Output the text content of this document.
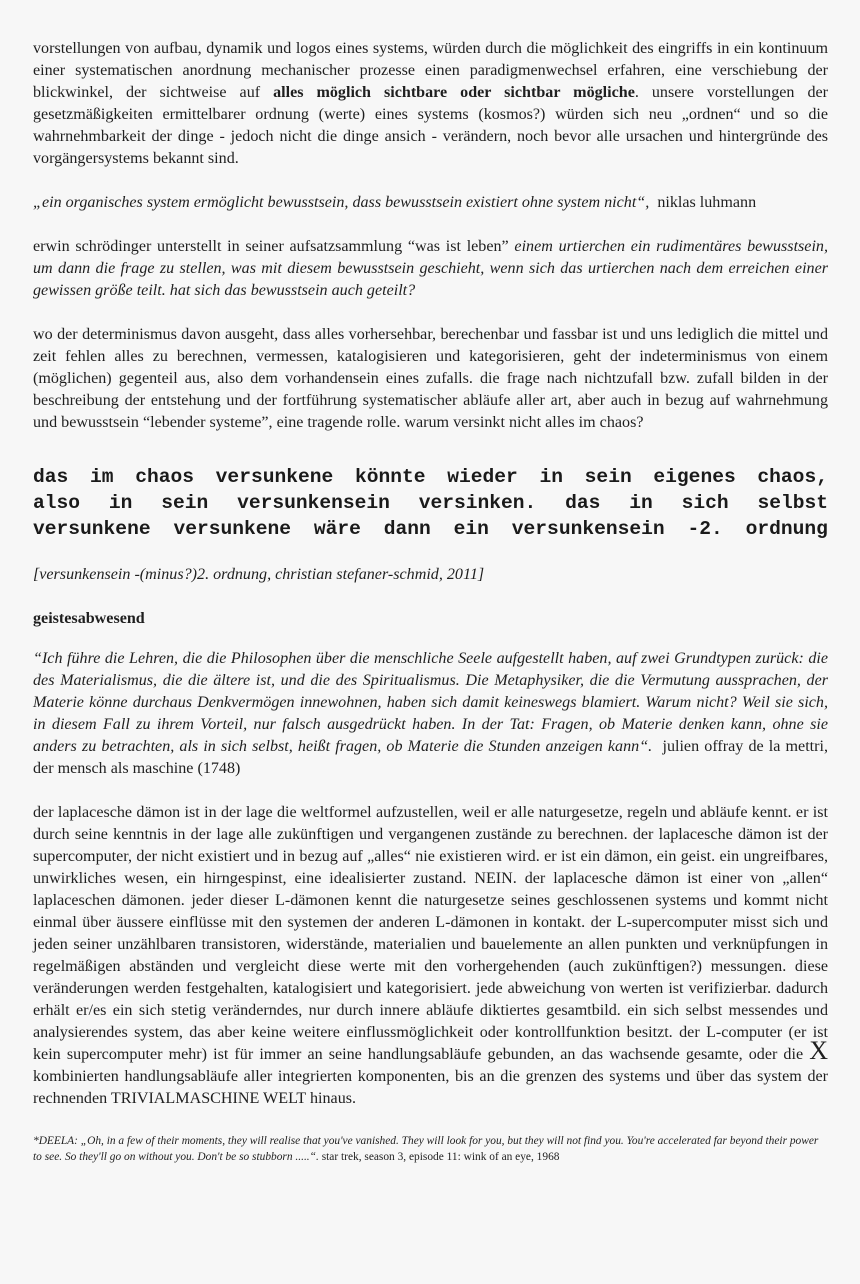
vorstellungen von aufbau, dynamik und logos eines systems, würden durch die möglichkeit des eingriffs in ein kontinuum einer systematischen anordnung mechanischer prozesse einen paradigmenwechsel erfahren, eine verschiebung der blickwinkel, der sichtweise auf alles möglich sichtbare oder sichtbar mögliche. unsere vorstellungen der gesetzmäßigkeiten ermittelbarer ordnung (werte) eines systems (kosmos?) würden sich neu „ordnen“ und so die wahrnehmbarkeit der dinge - jedoch nicht die dinge ansich - verändern, noch bevor alle ursachen und hintergründe des vorgängersystems bekannt sind.

„ein organisches system ermöglicht bewusstsein, dass bewusstsein existiert ohne system nicht“, niklas luhmann

erwin schrödinger unterstellt in seiner aufsatzsammlung “was ist leben” einem urtierchen ein rudimentäres bewusstsein, um dann die frage zu stellen, was mit diesem bewusstsein geschieht, wenn sich das urtierchen nach dem erreichen einer gewissen größe teilt. hat sich das bewusstsein auch geteilt?

wo der determinismus davon ausgeht, dass alles vorhersehbar, berechenbar und fassbar ist und uns lediglich die mittel und zeit fehlen alles zu berechnen, vermessen, katalogisieren und kategorisieren, geht der indeterminismus von einem (möglichen) gegenteil aus, also dem vorhandensein eines zufalls. die frage nach nichtzufall bzw. zufall bilden in der beschreibung der entstehung und der fortführung systematischer abläufe aller art, aber auch in bezug auf wahrnehmung und bewusstsein “lebender systeme”, eine tragende rolle. warum versinkt nicht alles im chaos?

das im chaos versunkene könnte wieder in sein eigenes chaos,
also in sein versunkensein versinken. das in sich selbst
versunkene versunkene wäre dann ein versunkensein -2. ordnung

[versunkensein -(minus?)2. ordnung, christian stefaner-schmid, 2011]

geistesabwesend

“Ich führe die Lehren, die die Philosophen über die menschliche Seele aufgestellt haben, auf zwei Grundtypen zurück: die des Materialismus, die die ältere ist, und die des Spiritualismus. Die Metaphysiker, die die Vermutung aussprachen, der Materie könne durchaus Denkvermögen innewohnen, haben sich damit keineswegs blamiert. Warum nicht? Weil sie sich, in diesem Fall zu ihrem Vorteil, nur falsch ausgedrückt haben. In der Tat: Fragen, ob Materie denken kann, ohne sie anders zu betrachten, als in sich selbst, heißt fragen, ob Materie die Stunden anzeigen kann“. julien offray de la mettri, der mensch als maschine (1748)

der laplacesche dämon ist in der lage die weltformel aufzustellen, weil er alle naturgesetze, regeln und abläufe kennt. er ist durch seine kenntnis in der lage alle zukünftigen und vergangenen zustände zu berechnen. der laplacesche dämon ist der supercomputer, der nicht existiert und in bezug auf „alles“ nie existieren wird. er ist ein dämon, ein geist. ein ungreifbares, unwirkliches wesen, ein hirngespinst, eine idealisierter zustand. NEIN. der laplacesche dämon ist einer von „allen“ laplaceschen dämonen. jeder dieser L-dämonen kennt die naturgesetze seines geschlossenen systems und kommt nicht einmal über äussere einflüsse mit den systemen der anderen L-dämonen in kontakt. der L-supercomputer misst sich und jeden seiner unzählbaren transistoren, widerstände, materialien und bauelemente an allen punkten und verknüpfungen in regelmäßigen abständen und vergleicht diese werte mit den vorhergehenden (auch zukünftigen?) messungen. diese veränderungen werden festgehalten, katalogisiert und kategorisiert. jede abweichung von werten ist verifizierbar. dadurch erhält er/es ein sich stetig veränderndes, nur durch innere abläufe diktiertes gesamtbild. ein sich selbst messendes und analysierendes system, das aber keine weitere einflussmöglichkeit oder kontrollfunktion besitzt. der L-computer (er ist kein supercomputer mehr) ist für immer an seine handlungsabläufe gebunden, an das wachsende gesamte, oder die X kombinierten handlungsabläufe aller integrierten komponenten, bis an die grenzen des systems und über das system der rechnenden TRIVIALMASCHINE WELT hinaus.

*DEELA: „Oh, in a few of their moments, they will realise that you've vanished. They will look for you, but they will not find you. You're accelerated far beyond their power to see. So they'll go on without you. Don't be so stubborn .....“. star trek, season 3, episode 11: wink of an eye, 1968
